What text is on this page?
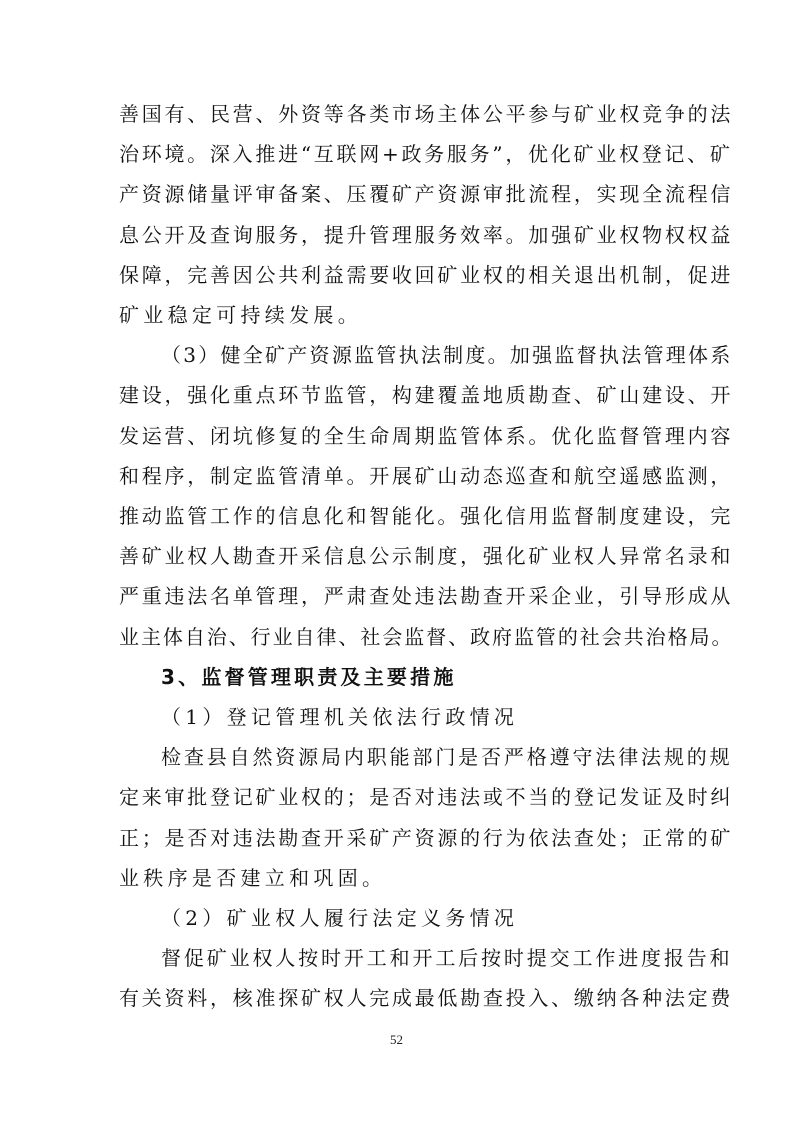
善国有、民营、外资等各类市场主体公平参与矿业权竞争的法
治环境。深入推进“互联网+政务服务”，优化矿业权登记、矿
产资源储量评审备案、压覆矿产资源审批流程，实现全流程信
息公开及查询服务，提升管理服务效率。加强矿业权物权权益
保障，完善因公共利益需要收回矿业权的相关退出机制，促进
矿业稳定可持续发展。
（3）健全矿产资源监管执法制度。加强监督执法管理体系
建设，强化重点环节监管，构建覆盖地质勘查、矿山建设、开
发运营、闭坑修复的全生命周期监管体系。优化监督管理内容
和程序，制定监管清单。开展矿山动态巡查和航空遥感监测，
推动监管工作的信息化和智能化。强化信用监督制度建设，完
善矿业权人勘查开采信息公示制度，强化矿业权人异常名录和
严重违法名单管理，严肃查处违法勘查开采企业，引导形成从
业主体自治、行业自律、社会监督、政府监管的社会共治格局。
3、监督管理职责及主要措施
（1）登记管理机关依法行政情况
检查县自然资源局内职能部门是否严格遵守法律法规的规
定来审批登记矿业权的；是否对违法或不当的登记发证及时纠
正；是否对违法勘查开采矿产资源的行为依法查处；正常的矿
业秩序是否建立和巩固。
（2）矿业权人履行法定义务情况
督促矿业权人按时开工和开工后按时提交工作进度报告和
有关资料，核准探矿权人完成最低勘查投入、缴纳各种法定费
52
